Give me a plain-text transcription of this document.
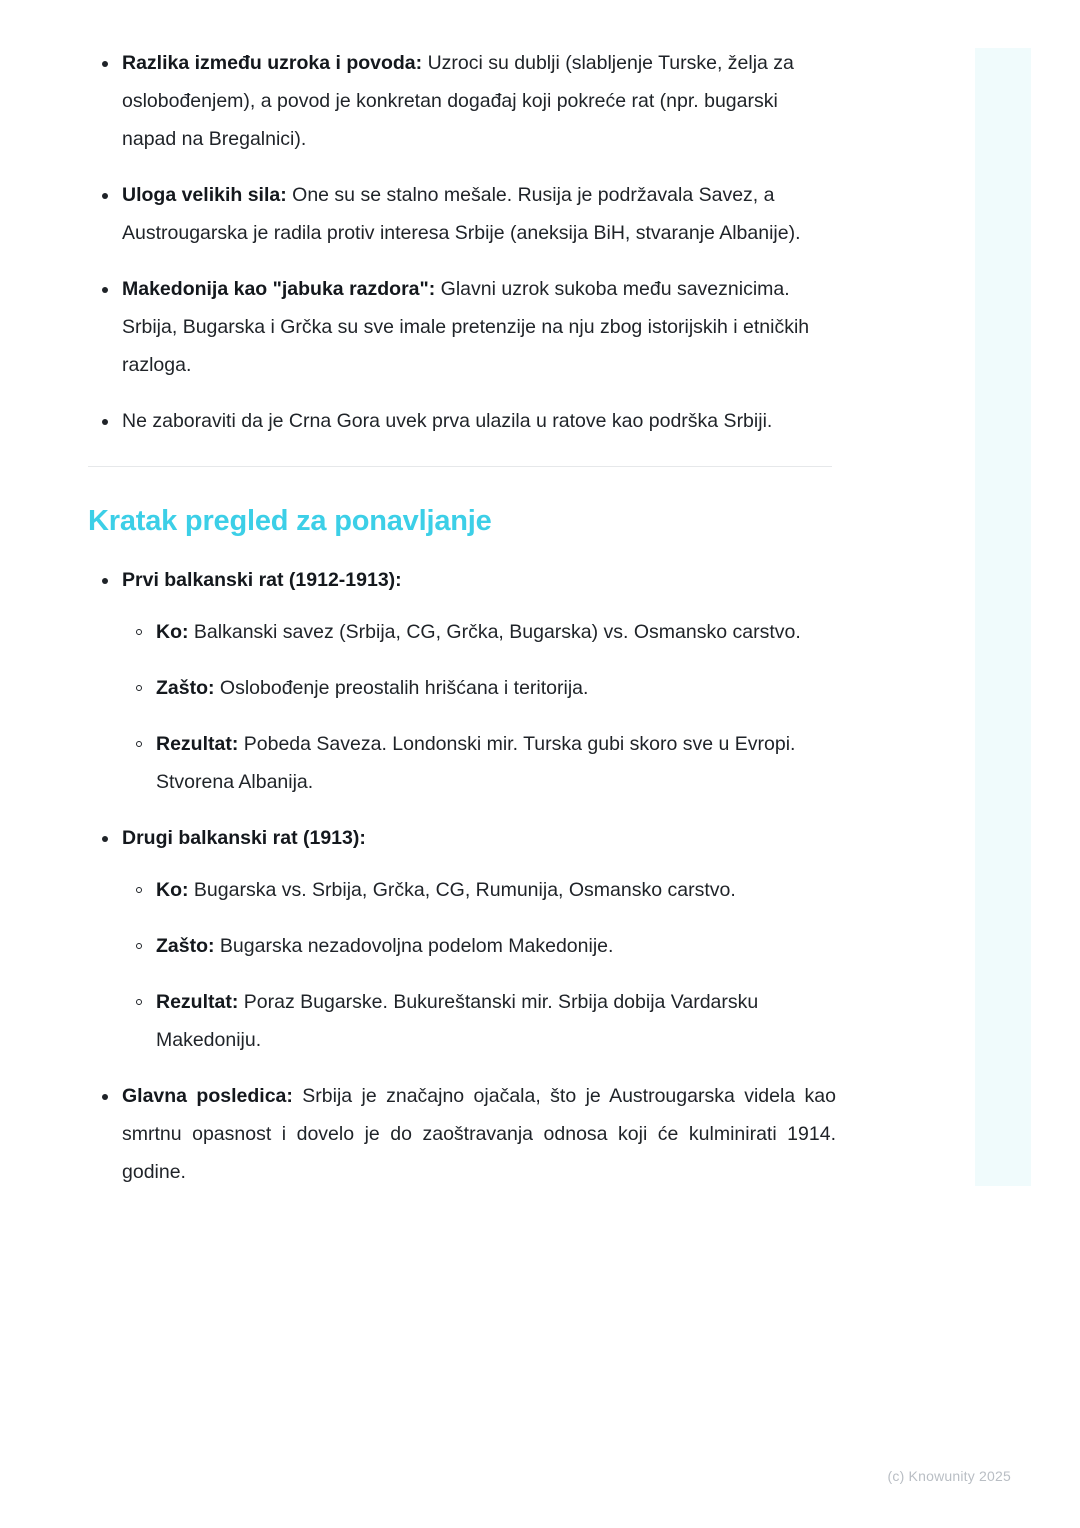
Razlika između uzroka i povoda: Uzroci su dublji (slabljenje Turske, želja za oslobođenjem), a povod je konkretan događaj koji pokreće rat (npr. bugarski napad na Bregalnici).
Uloga velikih sila: One su se stalno mešale. Rusija je podržavala Savez, a Austrougarska je radila protiv interesa Srbije (aneksija BiH, stvaranje Albanije).
Makedonija kao "jabuka razdora": Glavni uzrok sukoba među saveznicima. Srbija, Bugarska i Grčka su sve imale pretenzije na nju zbog istorijskih i etničkih razloga.
Ne zaboraviti da je Crna Gora uvek prva ulazila u ratove kao podrška Srbiji.
Kratak pregled za ponavljanje
Prvi balkanski rat (1912-1913):
Ko: Balkanski savez (Srbija, CG, Grčka, Bugarska) vs. Osmansko carstvo.
Zašto: Oslobođenje preostalih hrišćana i teritorija.
Rezultat: Pobeda Saveza. Londonski mir. Turska gubi skoro sve u Evropi. Stvorena Albanija.
Drugi balkanski rat (1913):
Ko: Bugarska vs. Srbija, Grčka, CG, Rumunija, Osmansko carstvo.
Zašto: Bugarska nezadovoljna podelom Makedonije.
Rezultat: Poraz Bugarske. Bukureštanski mir. Srbija dobija Vardarsku Makedoniju.
Glavna posledica: Srbija je značajno ojačala, što je Austrougarska videla kao smrtnu opasnost i dovelo je do zaoštravanja odnosa koji će kulminirati 1914. godine.
(c) Knowunity 2025
